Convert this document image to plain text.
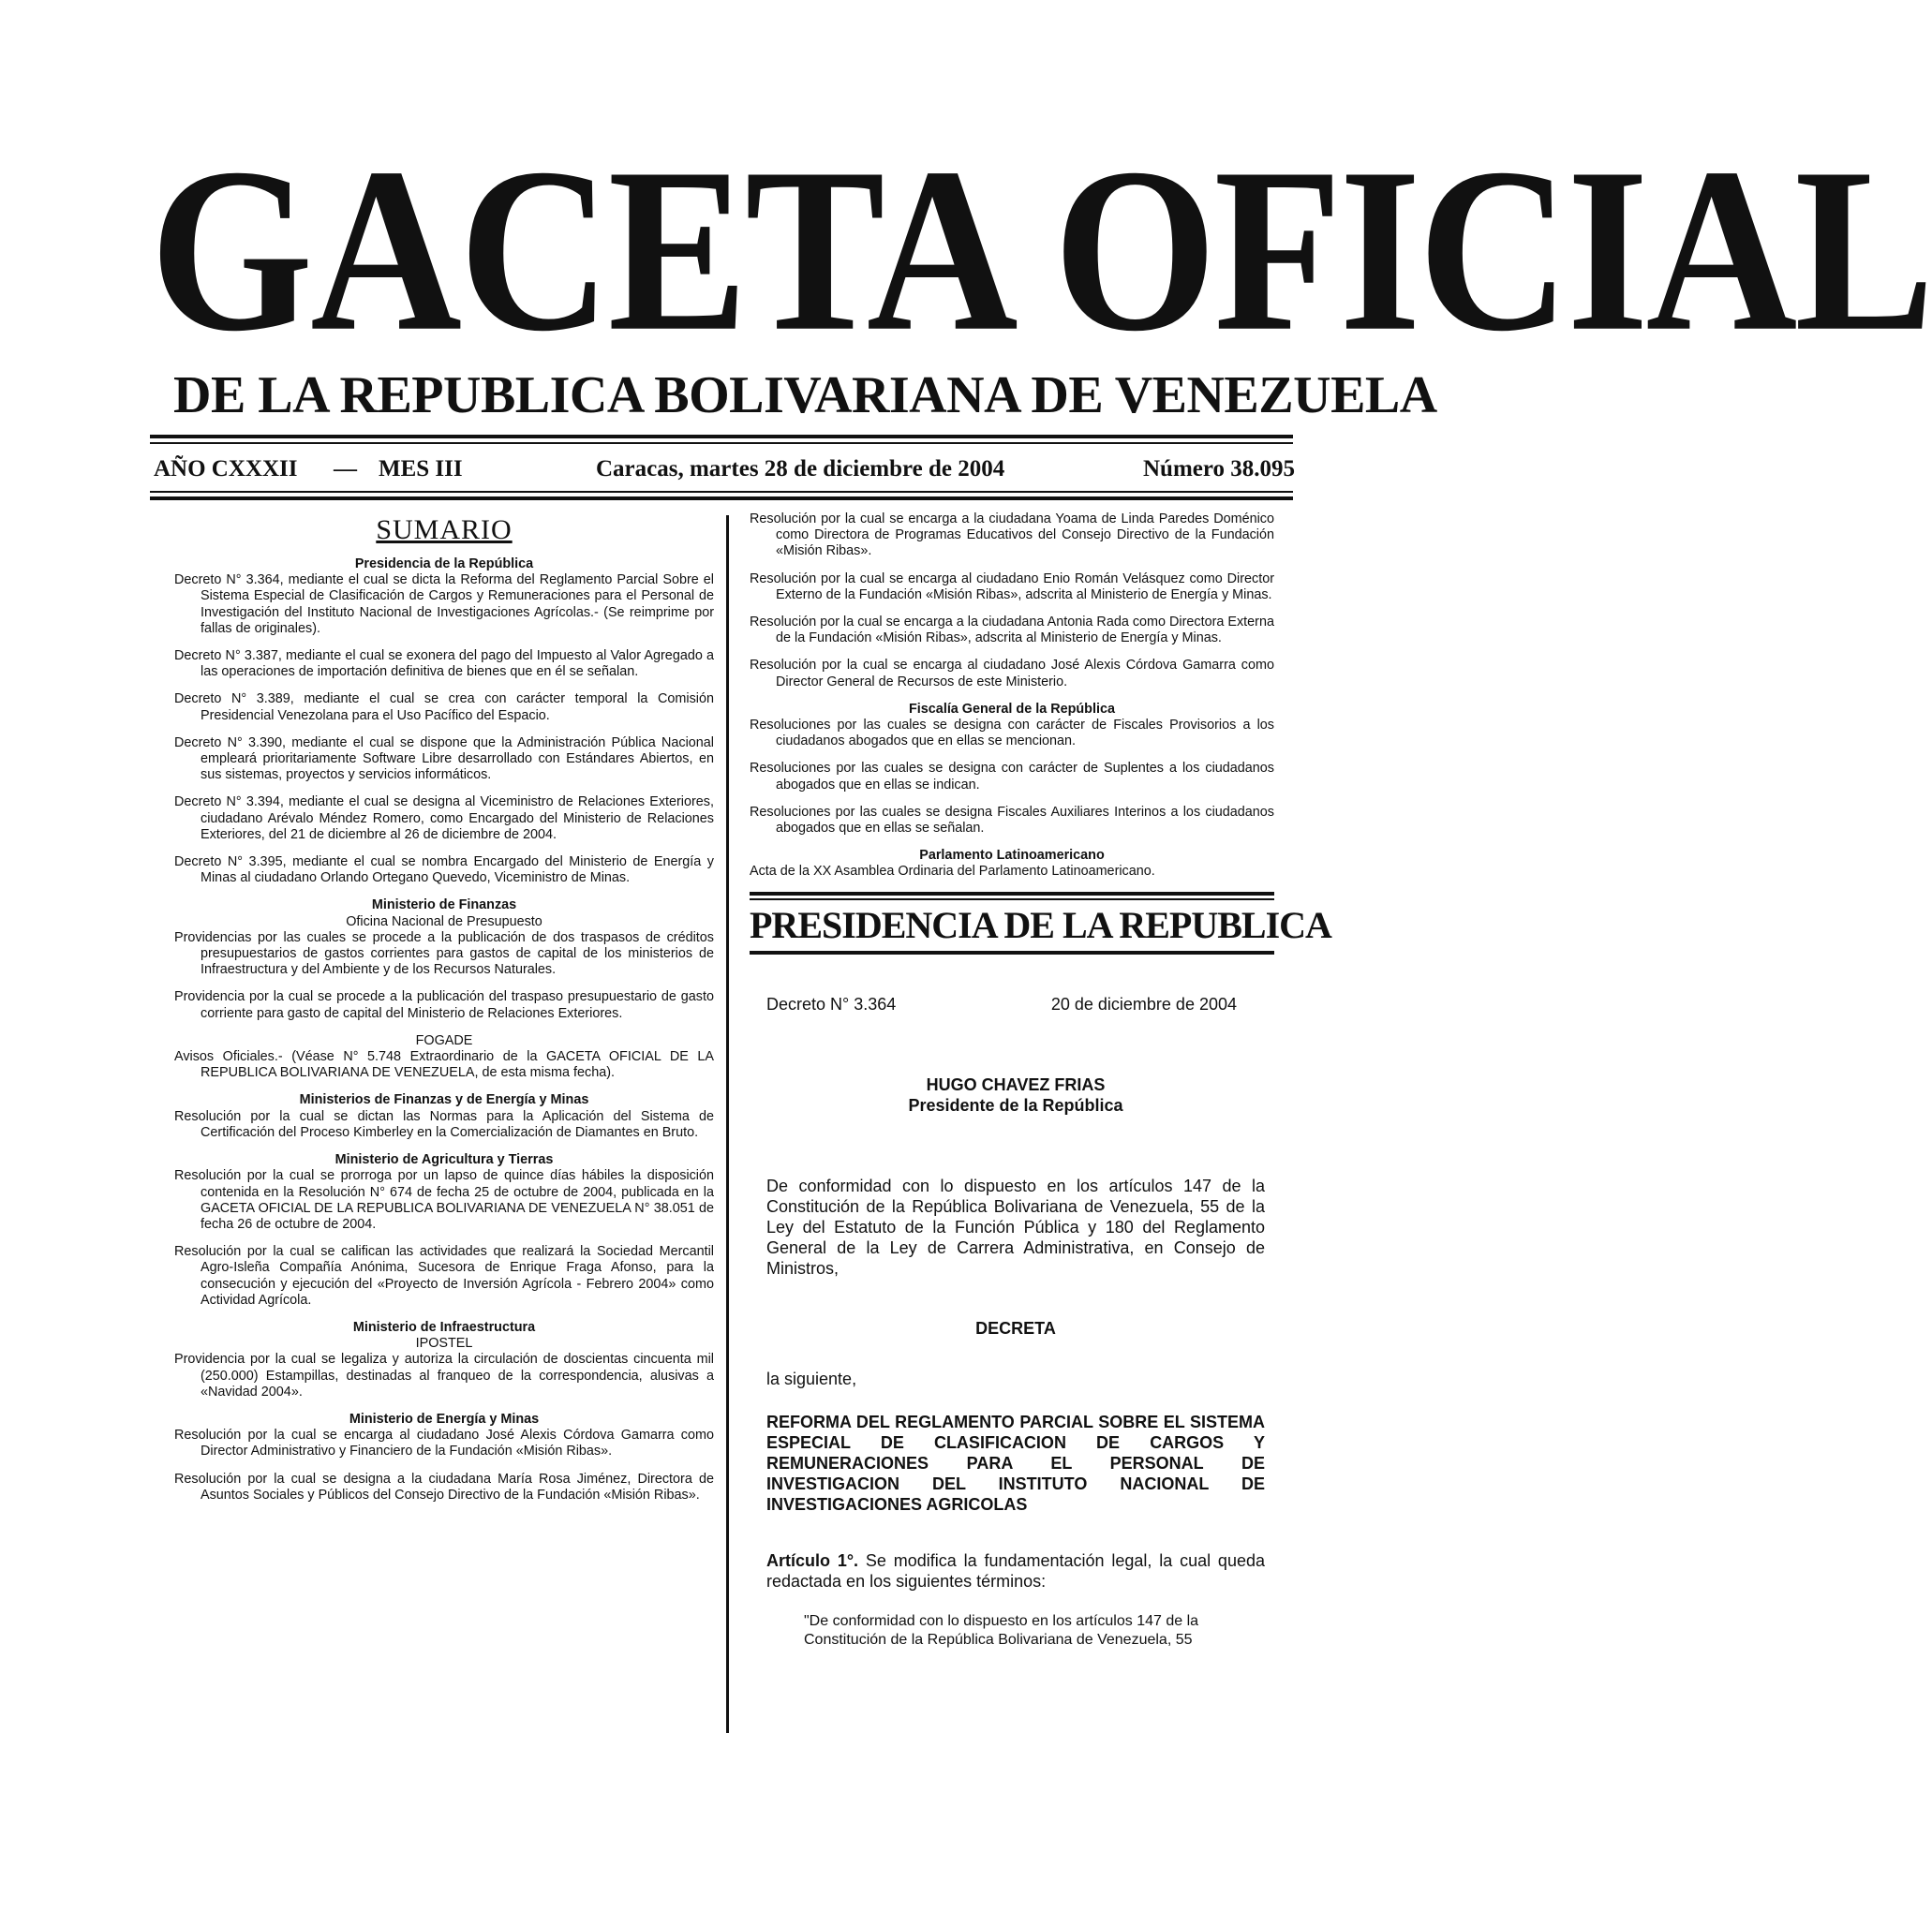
GACETA OFICIAL
DE LA REPUBLICA BOLIVARIANA DE VENEZUELA
AÑO CXXXII — MES III	Caracas, martes 28 de diciembre de 2004	Número 38.095
SUMARIO
Presidencia de la República
Decreto N° 3.364, mediante el cual se dicta la Reforma del Reglamento Parcial Sobre el Sistema Especial de Clasificación de Cargos y Remuneraciones para el Personal de Investigación del Instituto Nacional de Investigaciones Agrícolas.- (Se reimprime por fallas de originales).
Decreto N° 3.387, mediante el cual se exonera del pago del Impuesto al Valor Agregado a las operaciones de importación definitiva de bienes que en él se señalan.
Decreto N° 3.389, mediante el cual se crea con carácter temporal la Comisión Presidencial Venezolana para el Uso Pacífico del Espacio.
Decreto N° 3.390, mediante el cual se dispone que la Administración Pública Nacional empleará prioritariamente Software Libre desarrollado con Estándares Abiertos, en sus sistemas, proyectos y servicios informáticos.
Decreto N° 3.394, mediante el cual se designa al Viceministro de Relaciones Exteriores, ciudadano Arévalo Méndez Romero, como Encargado del Ministerio de Relaciones Exteriores, del 21 de diciembre al 26 de diciembre de 2004.
Decreto N° 3.395, mediante el cual se nombra Encargado del Ministerio de Energía y Minas al ciudadano Orlando Ortegano Quevedo, Viceministro de Minas.
Ministerio de Finanzas
Oficina Nacional de Presupuesto
Providencias por las cuales se procede a la publicación de dos traspasos de créditos presupuestarios de gastos corrientes para gastos de capital de los ministerios de Infraestructura y del Ambiente y de los Recursos Naturales.
Providencia por la cual se procede a la publicación del traspaso presupuestario de gasto corriente para gasto de capital del Ministerio de Relaciones Exteriores.
FOGADE
Avisos Oficiales.- (Véase N° 5.748 Extraordinario de la GACETA OFICIAL DE LA REPUBLICA BOLIVARIANA DE VENEZUELA, de esta misma fecha).
Ministerios de Finanzas y de Energía y Minas
Resolución por la cual se dictan las Normas para la Aplicación del Sistema de Certificación del Proceso Kimberley en la Comercialización de Diamantes en Bruto.
Ministerio de Agricultura y Tierras
Resolución por la cual se prorroga por un lapso de quince días hábiles la disposición contenida en la Resolución N° 674 de fecha 25 de octubre de 2004, publicada en la GACETA OFICIAL DE LA REPUBLICA BOLIVARIANA DE VENEZUELA N° 38.051 de fecha 26 de octubre de 2004.
Resolución por la cual se califican las actividades que realizará la Sociedad Mercantil Agro-Isleña Compañía Anónima, Sucesora de Enrique Fraga Afonso, para la consecución y ejecución del «Proyecto de Inversión Agrícola - Febrero 2004» como Actividad Agrícola.
Ministerio de Infraestructura
IPOSTEL
Providencia por la cual se legaliza y autoriza la circulación de doscientas cincuenta mil (250.000) Estampillas, destinadas al franqueo de la correspondencia, alusivas a «Navidad 2004».
Ministerio de Energía y Minas
Resolución por la cual se encarga al ciudadano José Alexis Córdova Gamarra como Director Administrativo y Financiero de la Fundación «Misión Ribas».
Resolución por la cual se designa a la ciudadana María Rosa Jiménez, Directora de Asuntos Sociales y Públicos del Consejo Directivo de la Fundación «Misión Ribas».
Resolución por la cual se encarga a la ciudadana Yoama de Linda Paredes Doménico como Directora de Programas Educativos del Consejo Directivo de la Fundación «Misión Ribas».
Resolución por la cual se encarga al ciudadano Enio Román Velásquez como Director Externo de la Fundación «Misión Ribas», adscrita al Ministerio de Energía y Minas.
Resolución por la cual se encarga a la ciudadana Antonia Rada como Directora Externa de la Fundación «Misión Ribas», adscrita al Ministerio de Energía y Minas.
Resolución por la cual se encarga al ciudadano José Alexis Córdova Gamarra como Director General de Recursos de este Ministerio.
Fiscalía General de la República
Resoluciones por las cuales se designa con carácter de Fiscales Provisorios a los ciudadanos abogados que en ellas se mencionan.
Resoluciones por las cuales se designa con carácter de Suplentes a los ciudadanos abogados que en ellas se indican.
Resoluciones por las cuales se designa Fiscales Auxiliares Interinos a los ciudadanos abogados que en ellas se señalan.
Parlamento Latinoamericano
Acta de la XX Asamblea Ordinaria del Parlamento Latinoamericano.
PRESIDENCIA DE LA REPUBLICA
Decreto N° 3.364	20 de diciembre de 2004
HUGO CHAVEZ FRIAS
Presidente de la República
De conformidad con lo dispuesto en los artículos 147 de la Constitución de la República Bolivariana de Venezuela, 55 de la Ley del Estatuto de la Función Pública y 180 del Reglamento General de la Ley de Carrera Administrativa, en Consejo de Ministros,
DECRETA
la siguiente,
REFORMA DEL REGLAMENTO PARCIAL SOBRE EL SISTEMA ESPECIAL DE CLASIFICACION DE CARGOS Y REMUNERACIONES PARA EL PERSONAL DE INVESTIGACION DEL INSTITUTO NACIONAL DE INVESTIGACIONES AGRICOLAS
Artículo 1°. Se modifica la fundamentación legal, la cual queda redactada en los siguientes términos:
"De conformidad con lo dispuesto en los artículos 147 de la Constitución de la República Bolivariana de Venezuela, 55
